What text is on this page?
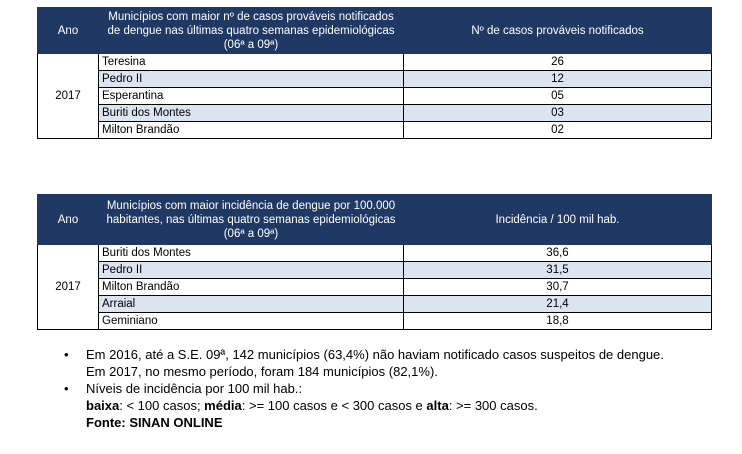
Ano	Municípios com maior nº de casos prováveis notificados de dengue nas últimas quatro semanas epidemiológicas (06ª a 09ª)	Nº de casos prováveis notificados
2017	Teresina	26
	Pedro II	12
	Esperantina	05
	Buriti dos Montes	03
	Milton Brandão	02
Ano	Municípios com maior incidência de dengue por 100.000 habitantes, nas últimas quatro semanas epidemiológicas (06ª a 09ª)	Incidência / 100 mil hab.
2017	Buriti dos Montes	36,6
	Pedro II	31,5
	Milton Brandão	30,7
	Arraial	21,4
	Geminiano	18,8
•	Em 2016, até a S.E. 09ª, 142 municípios (63,4%) não haviam notificado casos suspeitos de dengue.
Em 2017, no mesmo período, foram 184 municípios (82,1%).
•	Níveis de incidência por 100 mil hab.:
baixa: < 100 casos; média: >= 100 casos e < 300 casos e alta: >= 300 casos.
Fonte: SINAN ONLINE
